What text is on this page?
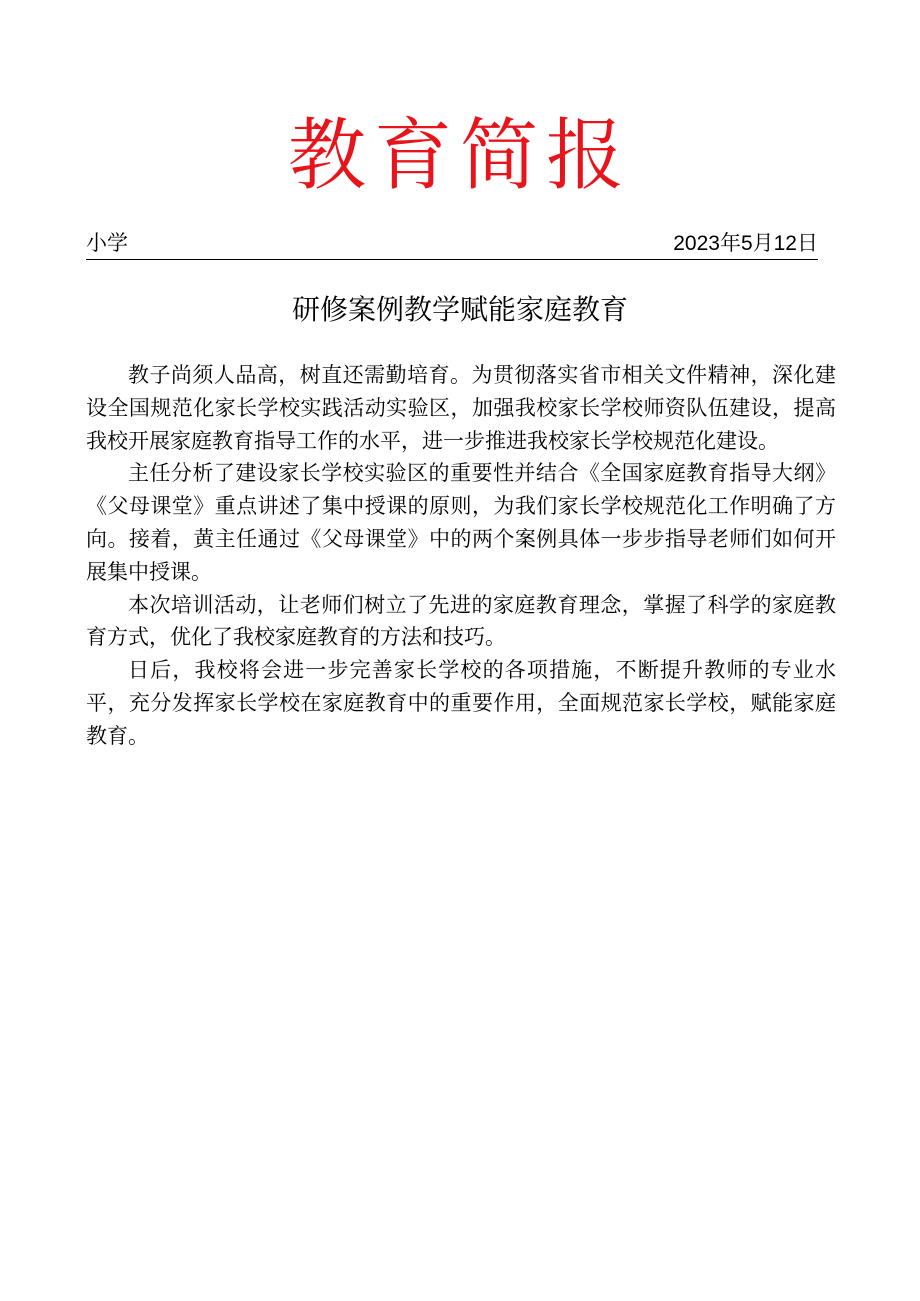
教育简报
小学	2023年5月12日
研修案例教学赋能家庭教育

教子尚须人品高，树直还需勤培育。为贯彻落实省市相关文件精神，深化建设全国规范化家长学校实践活动实验区，加强我校家长学校师资队伍建设，提高我校开展家庭教育指导工作的水平，进一步推进我校家长学校规范化建设。

主任分析了建设家长学校实验区的重要性并结合《全国家庭教育指导大纲》《父母课堂》重点讲述了集中授课的原则，为我们家长学校规范化工作明确了方向。接着，黄主任通过《父母课堂》中的两个案例具体一步步指导老师们如何开展集中授课。

本次培训活动，让老师们树立了先进的家庭教育理念，掌握了科学的家庭教育方式，优化了我校家庭教育的方法和技巧。

日后，我校将会进一步完善家长学校的各项措施，不断提升教师的专业水平，充分发挥家长学校在家庭教育中的重要作用，全面规范家长学校，赋能家庭教育。
